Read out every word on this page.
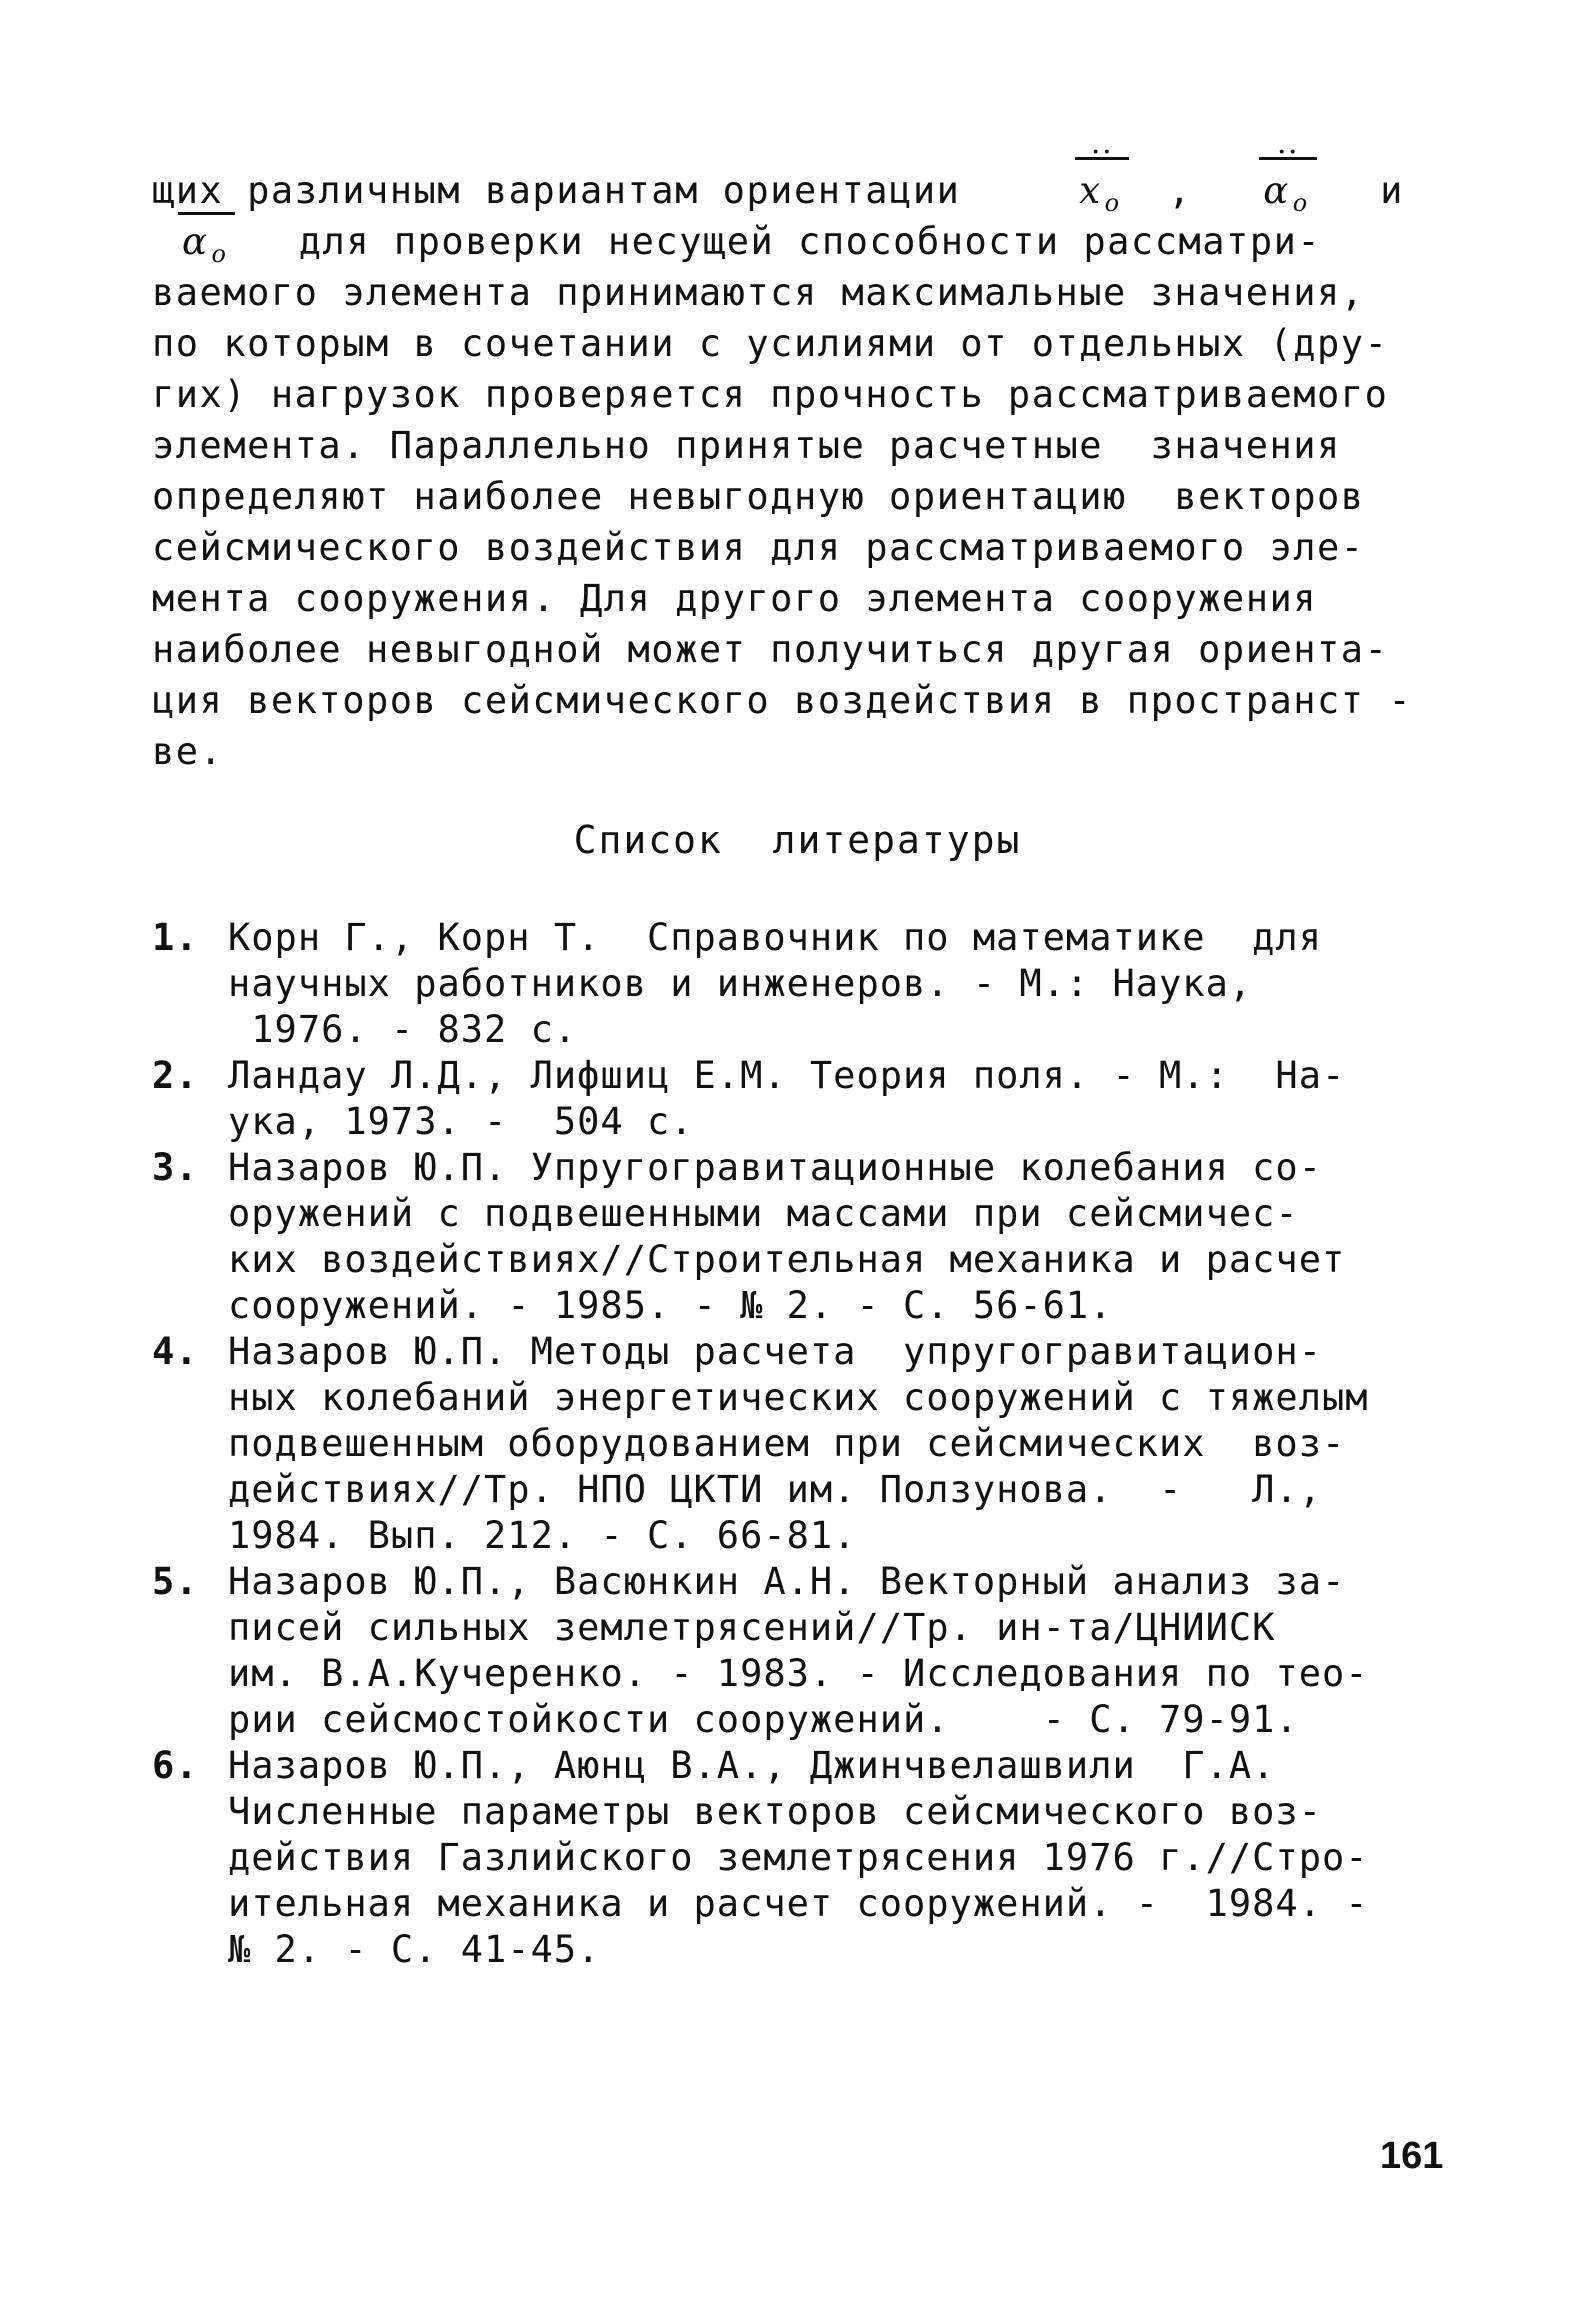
щих различным вариантам ориентации
··
x $_o$ ,
··
α $_o$ и
α $_o$ для проверки несущей способности рассматри-
ваемого элемента принимаются максимальные значения,
по которым в сочетании с усилиями от отдельных (дру-
гих) нагрузок проверяется прочность рассматриваемого
элемента. Параллельно принятые расчетные  значения
определяют наиболее невыгодную ориентацию  векторов
сейсмического воздействия для рассматриваемого эле-
мента сооружения. Для другого элемента сооружения
наиболее невыгодной может получиться другая ориента-
ция векторов сейсмического воздействия в пространст -
ве.
Список  литературы
1. Корн Г., Корн Т.  Справочник по математике  для
научных работников и инженеров. - М.: Наука,
1976. - 832 с.
2. Ландау Л.Д., Лифшиц Е.М. Теория поля. - М.:  На-
ука, 1973. -  504 с.
3. Назаров Ю.П. Упругогравитационные колебания со-
оружений с подвешенными массами при сейсмичес-
ких воздействиях//Строительная механика и расчет
сооружений. - 1985. - № 2. - С. 56-61.
4. Назаров Ю.П. Методы расчета  упругогравитацион-
ных колебаний энергетических сооружений с тяжелым
подвешенным оборудованием при сейсмических  воз-
действиях//Тр. НПО ЦКТИ им. Ползунова.  -   Л.,
1984. Вып. 212. - С. 66-81.
5. Назаров Ю.П., Васюнкин А.Н. Векторный анализ за-
писей сильных землетрясений//Тр. ин-та/ЦНИИСК
им. В.А.Кучеренко. - 1983. - Исследования по тео-
рии сейсмостойкости сооружений.    - С. 79-91.
6. Назаров Ю.П., Аюнц В.А., Джинчвелашвили  Г.А.
Численные параметры векторов сейсмического воз-
действия Газлийского землетрясения 1976 г.//Стро-
ительная механика и расчет сооружений. -  1984. -
№ 2. - С. 41-45.
161
